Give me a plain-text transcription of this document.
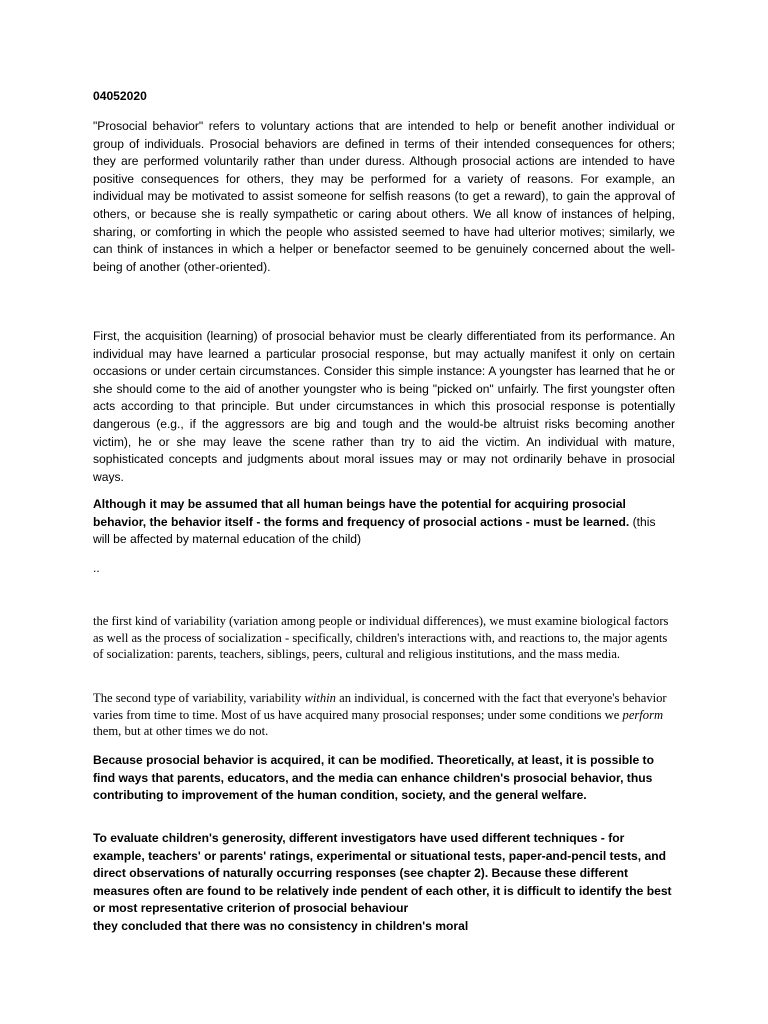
04052020

"Prosocial behavior" refers to voluntary actions that are intended to help or benefit another individual or group of individuals. Prosocial behaviors are defined in terms of their intended consequences for others; they are performed voluntarily rather than under duress. Although prosocial actions are intended to have positive consequences for others, they may be performed for a variety of reasons. For example, an individual may be motivated to assist someone for selfish reasons (to get a reward), to gain the approval of others, or because she is really sympathetic or caring about others. We all know of instances of helping, sharing, or comforting in which the people who assisted seemed to have had ulterior motives; similarly, we can think of instances in which a helper or benefactor seemed to be genuinely concerned about the well-being of another (other-oriented).

First, the acquisition (learning) of prosocial behavior must be clearly differentiated from its performance. An individual may have learned a particular prosocial response, but may actually manifest it only on certain occasions or under certain circumstances. Consider this simple instance: A youngster has learned that he or she should come to the aid of another youngster who is being "picked on" unfairly. The first youngster often acts according to that principle. But under circumstances in which this prosocial response is potentially dangerous (e.g., if the aggressors are big and tough and the would-be altruist risks becoming another victim), he or she may leave the scene rather than try to aid the victim. An individual with mature, sophisticated concepts and judgments about moral issues may or may not ordinarily behave in prosocial ways.

Although it may be assumed that all human beings have the potential for acquiring prosocial behavior, the behavior itself - the forms and frequency of prosocial actions - must be learned. (this will be affected by maternal education of the child)

..

the first kind of variability (variation among people or individual differences), we must examine biological factors as well as the process of socialization - specifically, children's interactions with, and reactions to, the major agents of socialization: parents, teachers, siblings, peers, cultural and religious institutions, and the mass media.

The second type of variability, variability within an individual, is concerned with the fact that everyone's behavior varies from time to time. Most of us have acquired many prosocial responses; under some conditions we perform them, but at other times we do not.

Because prosocial behavior is acquired, it can be modified. Theoretically, at least, it is possible to find ways that parents, educators, and the media can enhance children's prosocial behavior, thus contributing to improvement of the human condition, society, and the general welfare.

To evaluate children's generosity, different investigators have used different techniques - for example, teachers' or parents' ratings, experimental or situational tests, paper-and-pencil tests, and direct observations of naturally occurring responses (see chapter 2). Because these different measures often are found to be relatively inde pendent of each other, it is difficult to identify the best or most representative criterion of prosocial behaviour

they concluded that there was no consistency in children's moral
